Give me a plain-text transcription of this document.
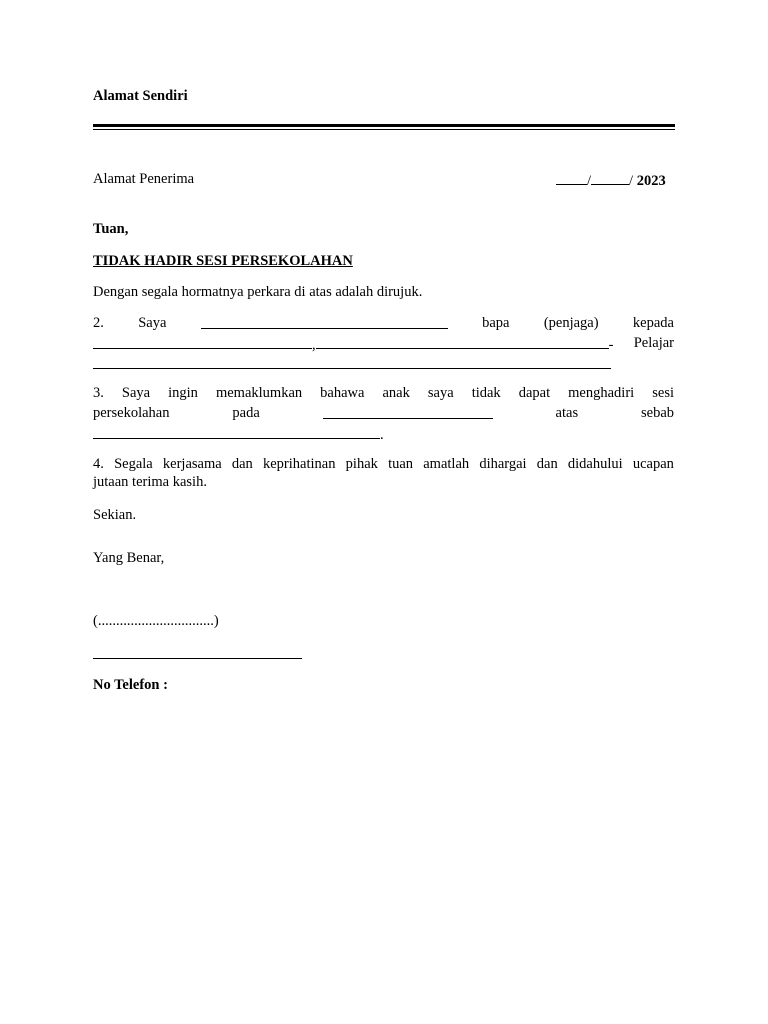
Alamat Sendiri
Alamat Penerima	/	/ 2023
Tuan,
TIDAK HADIR SESI PERSEKOLAHAN
Dengan segala hormatnya perkara di atas adalah dirujuk.
2. Saya	bapa (penjaga) kepada
,	- Pelajar
3. Saya ingin memaklumkan bahawa anak saya tidak dapat menghadiri sesi
persekolahan	pada	atas	sebab
.
4. Segala kerjasama dan keprihatinan pihak tuan amatlah dihargai dan didahului ucapan
jutaan terima kasih.
Sekian.
Yang Benar,
(................................)
No Telefon :
